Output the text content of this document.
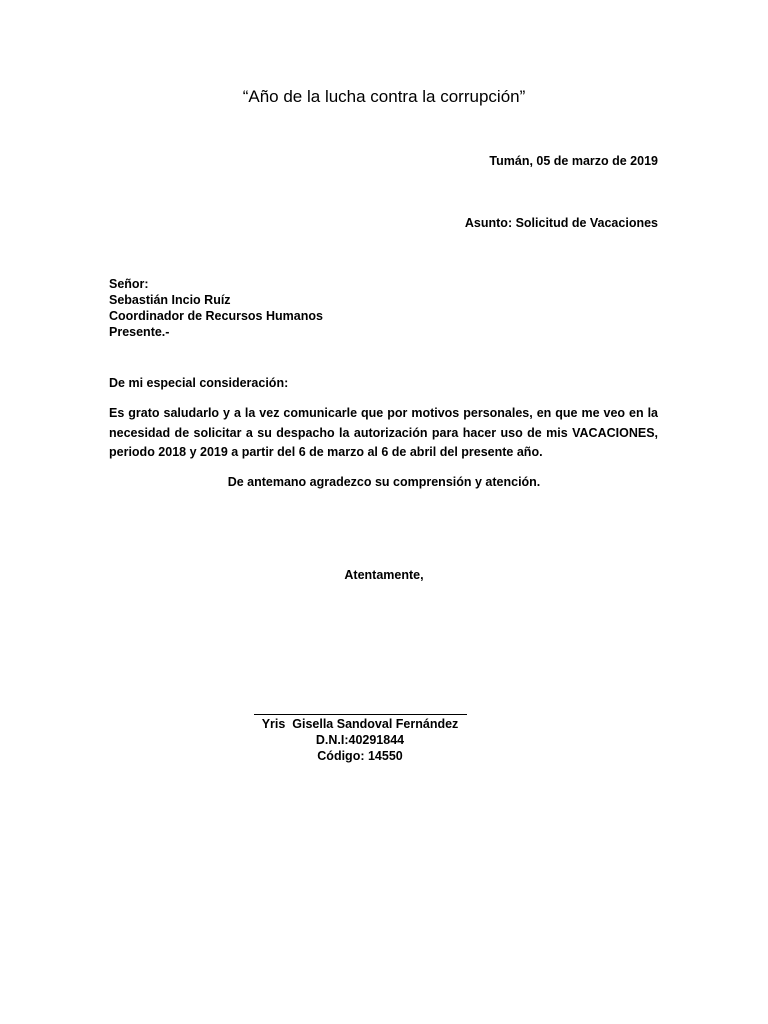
“Año de la lucha contra la corrupción”
Tumán, 05 de marzo de 2019
Asunto: Solicitud de Vacaciones
Señor:
Sebastián Incio Ruíz
Coordinador de Recursos Humanos
Presente.-
De mi especial consideración:
Es grato saludarlo y a la vez comunicarle que por motivos personales, en que me veo en la necesidad de solicitar a su despacho la autorización para hacer uso de mis VACACIONES, periodo 2018 y 2019 a partir del 6 de marzo al 6 de abril del presente año.
De antemano agradezco su comprensión y atención.
Atentamente,
Yris  Gisella Sandoval Fernández
D.N.I:40291844
Código: 14550
